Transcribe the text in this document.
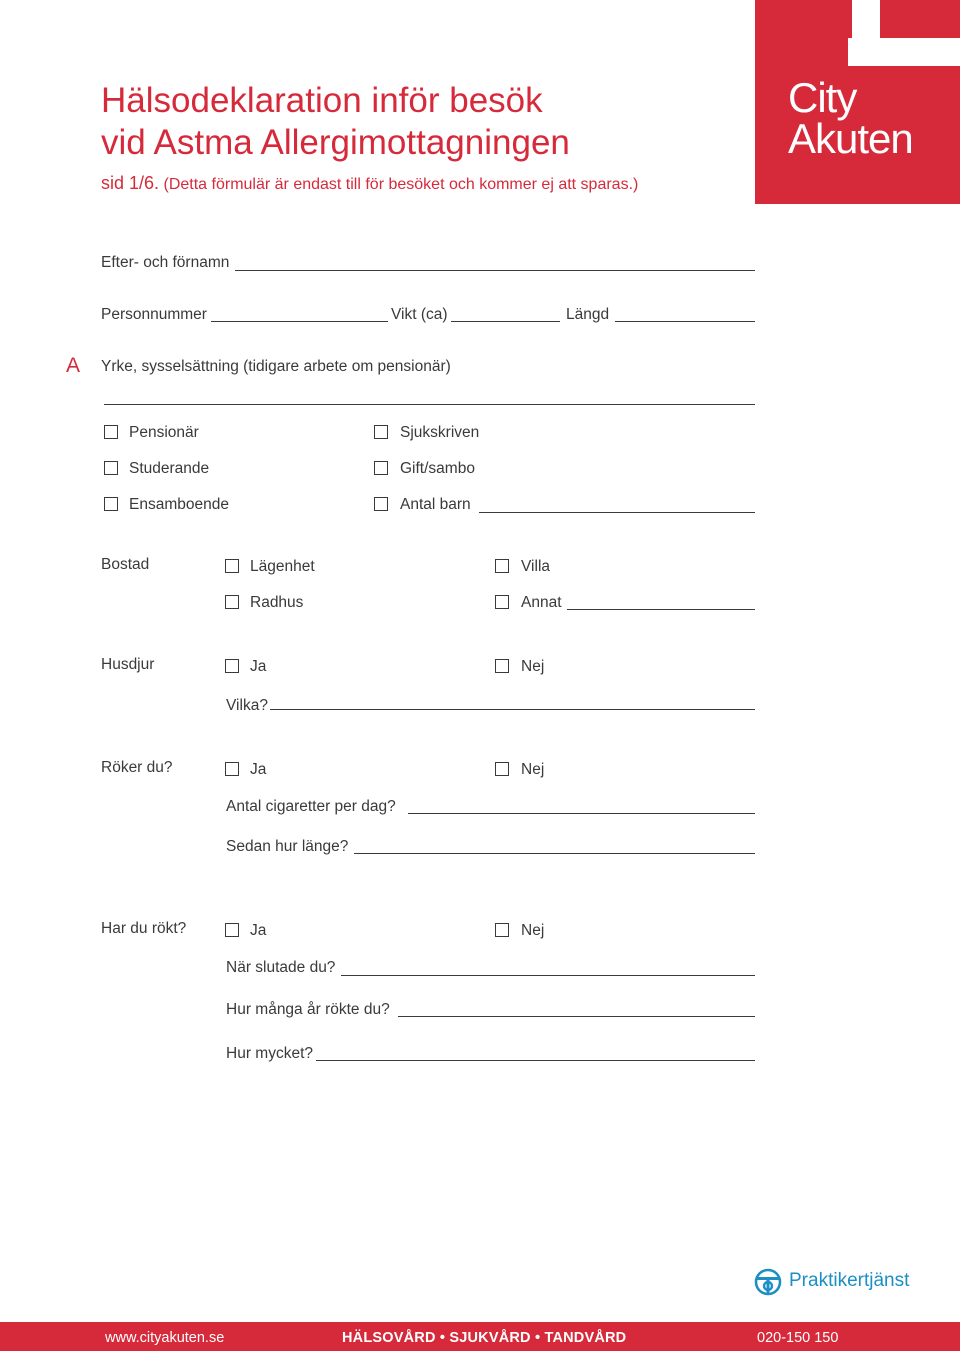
Hälsodeklaration inför besök
vid Astma Allergimottagningen
sid 1/6. (Detta förmulär är endast till för besöket och kommer ej att sparas.)
City
Akuten
Efter- och förnamn
Personnummer	Vikt (ca)	Längd
A Yrke, sysselsättning (tidigare arbete om pensionär)
Pensionär	Sjukskriven
Studerande	Gift/sambo
Ensamboende	Antal barn
Bostad	Lägenhet	Villa
Radhus	Annat
Husdjur	Ja	Nej
Vilka?
Röker du?	Ja	Nej
Antal cigaretter per dag?
Sedan hur länge?
Har du rökt?	Ja	Nej
När slutade du?
Hur många år rökte du?
Hur mycket?
Praktikertjänst
www.cityakuten.se	HÄLSOVÅRD • SJUKVÅRD • TANDVÅRD	020-150 150
